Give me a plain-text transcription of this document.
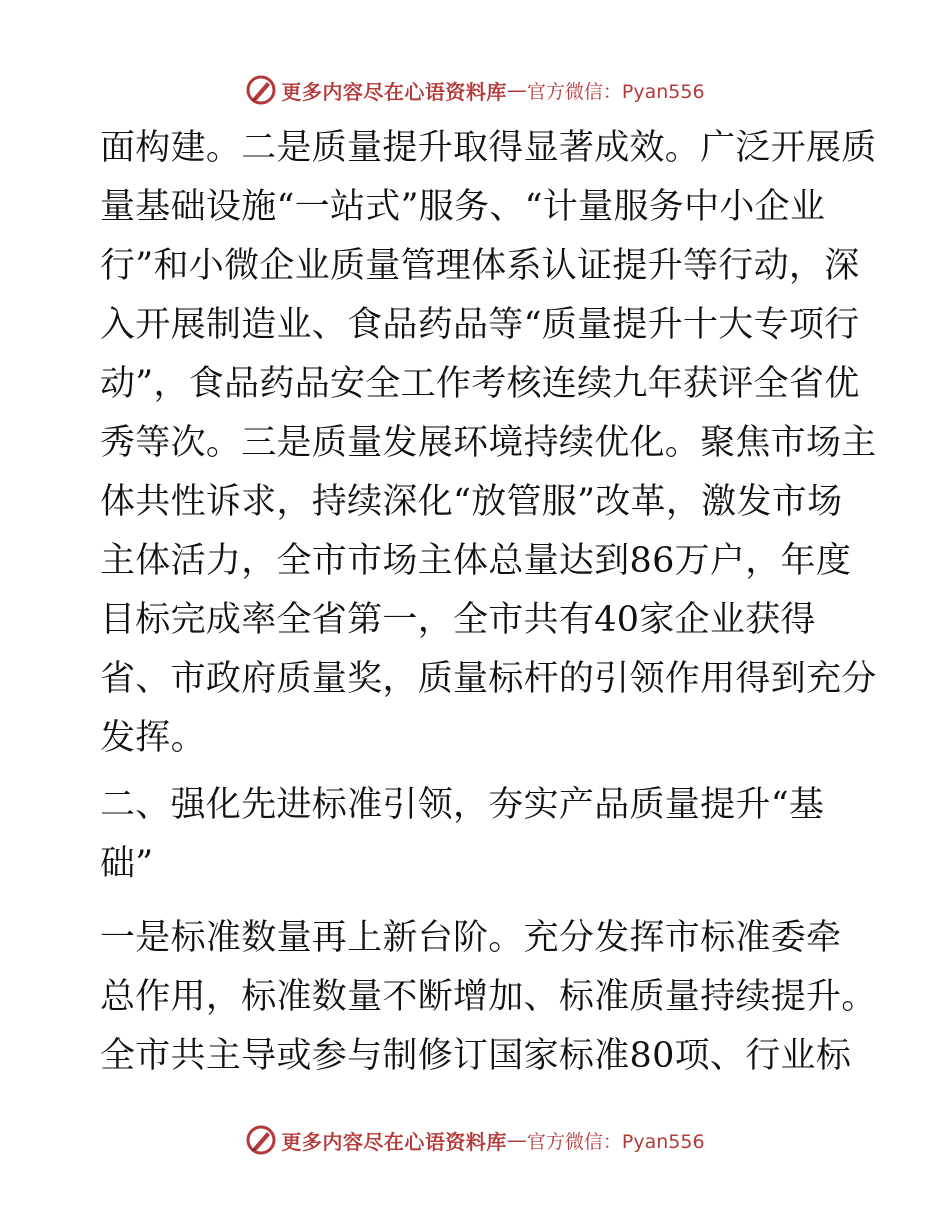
更多内容尽在心语资料库 — 官方微信：Pyan556
面构建。二是质量提升取得显著成效。广泛开展质
量基础设施“一站式”服务、“计量服务中小企业
行”和小微企业质量管理体系认证提升等行动，深
入开展制造业、食品药品等“质量提升十大专项行
动”，食品药品安全工作考核连续九年获评全省优
秀等次。三是质量发展环境持续优化。聚焦市场主
体共性诉求，持续深化“放管服”改革，激发市场
主体活力，全市市场主体总量达到86万户，年度
目标完成率全省第一，全市共有40家企业获得
省、市政府质量奖，质量标杆的引领作用得到充分
发挥。
二、强化先进标准引领，夯实产品质量提升“基
础”
一是标准数量再上新台阶。充分发挥市标准委牵
总作用，标准数量不断增加、标准质量持续提升。
全市共主导或参与制修订国家标准80项、行业标
更多内容尽在心语资料库 — 官方微信：Pyan556
